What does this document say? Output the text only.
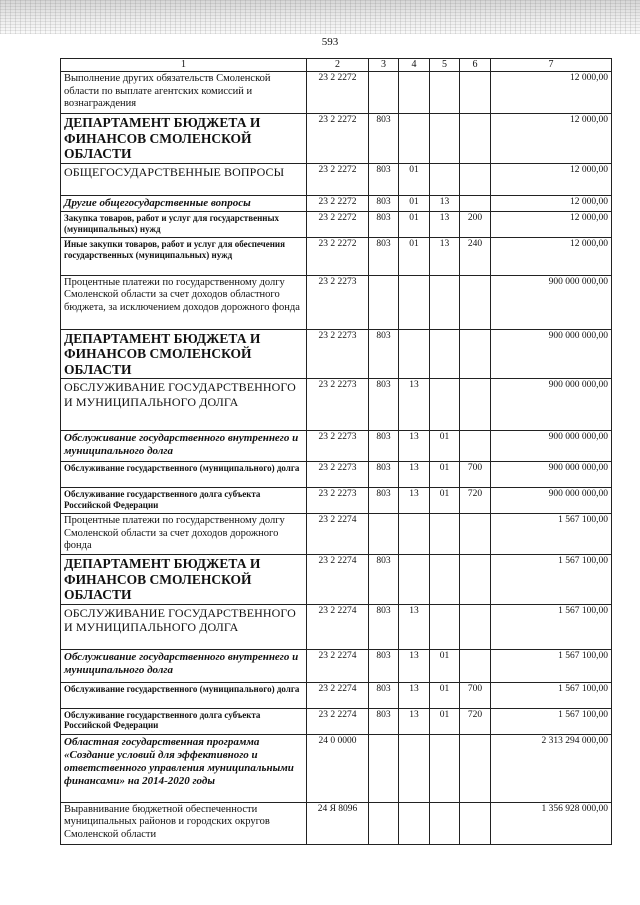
593
1	2	3	4	5	6	7
Выполнение других обязательств Смоленской области по выплате агентских комиссий и вознаграждения	23 2 2272					12 000,00
ДЕПАРТАМЕНТ БЮДЖЕТА И ФИНАНСОВ СМОЛЕНСКОЙ ОБЛАСТИ	23 2 2272	803				12 000,00
ОБЩЕГОСУДАРСТВЕННЫЕ ВОПРОСЫ	23 2 2272	803	01			12 000,00
Другие общегосударственные вопросы	23 2 2272	803	01	13		12 000,00
Закупка товаров, работ и услуг для государственных (муниципальных) нужд	23 2 2272	803	01	13	200	12 000,00
Иные закупки товаров, работ и услуг для обеспечения государственных (муниципальных) нужд	23 2 2272	803	01	13	240	12 000,00
Процентные платежи по государственному долгу Смоленской области за счет доходов областного бюджета, за исключением доходов дорожного фонда	23 2 2273					900 000 000,00
ДЕПАРТАМЕНТ БЮДЖЕТА И ФИНАНСОВ СМОЛЕНСКОЙ ОБЛАСТИ	23 2 2273	803				900 000 000,00
ОБСЛУЖИВАНИЕ ГОСУДАРСТВЕННОГО И МУНИЦИПАЛЬНОГО ДОЛГА	23 2 2273	803	13			900 000 000,00
Обслуживание государственного внутреннего и муниципального долга	23 2 2273	803	13	01		900 000 000,00
Обслуживание государственного (муниципального) долга	23 2 2273	803	13	01	700	900 000 000,00
Обслуживание государственного долга субъекта Российской Федерации	23 2 2273	803	13	01	720	900 000 000,00
Процентные платежи по государственному долгу Смоленской области за счет доходов дорожного фонда	23 2 2274					1 567 100,00
ДЕПАРТАМЕНТ БЮДЖЕТА И ФИНАНСОВ СМОЛЕНСКОЙ ОБЛАСТИ	23 2 2274	803				1 567 100,00
ОБСЛУЖИВАНИЕ ГОСУДАРСТВЕННОГО И МУНИЦИПАЛЬНОГО ДОЛГА	23 2 2274	803	13			1 567 100,00
Обслуживание государственного внутреннего и муниципального долга	23 2 2274	803	13	01		1 567 100,00
Обслуживание государственного (муниципального) долга	23 2 2274	803	13	01	700	1 567 100,00
Обслуживание государственного долга субъекта Российской Федерации	23 2 2274	803	13	01	720	1 567 100,00
Областная государственная программа «Создание условий для эффективного и ответственного управления муниципальными финансами» на 2014-2020 годы	24 0 0000					2 313 294 000,00
Выравнивание бюджетной обеспеченности муниципальных районов и городских округов Смоленской области	24 Я 8096					1 356 928 000,00
